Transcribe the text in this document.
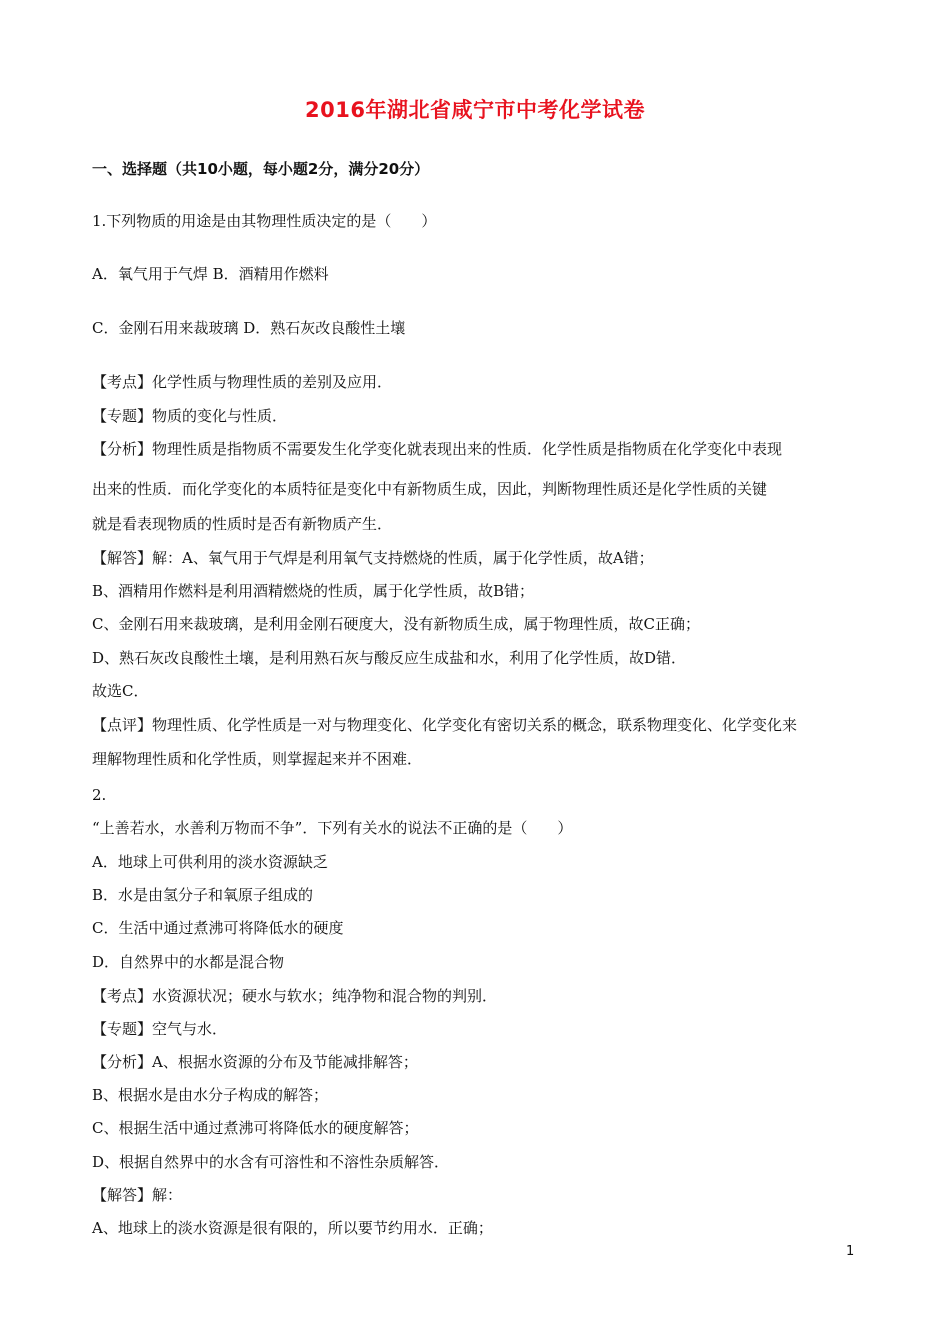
2016年湖北省咸宁市中考化学试卷
一、选择题（共10小题，每小题2分，满分20分）
1.下列物质的用途是由其物理性质决定的是（　　）
A．氧气用于气焊 B．酒精用作燃料
C．金刚石用来裁玻璃 D．熟石灰改良酸性土壤
【考点】化学性质与物理性质的差别及应用．
【专题】物质的变化与性质．
【分析】物理性质是指物质不需要发生化学变化就表现出来的性质．化学性质是指物质在化学变化中表现
出来的性质．而化学变化的本质特征是变化中有新物质生成，因此，判断物理性质还是化学性质的关键
就是看表现物质的性质时是否有新物质产生．
【解答】解：A、氧气用于气焊是利用氧气支持燃烧的性质，属于化学性质，故A错；
B、酒精用作燃料是利用酒精燃烧的性质，属于化学性质，故B错；
C、金刚石用来裁玻璃，是利用金刚石硬度大，没有新物质生成，属于物理性质，故C正确；
D、熟石灰改良酸性土壤，是利用熟石灰与酸反应生成盐和水，利用了化学性质，故D错．
故选C．
【点评】物理性质、化学性质是一对与物理变化、化学变化有密切关系的概念，联系物理变化、化学变化来
理解物理性质和化学性质，则掌握起来并不困难．
2.
“上善若水，水善利万物而不争”．下列有关水的说法不正确的是（　　）
A．地球上可供利用的淡水资源缺乏
B．水是由氢分子和氧原子组成的
C．生活中通过煮沸可将降低水的硬度
D．自然界中的水都是混合物
【考点】水资源状况；硬水与软水；纯净物和混合物的判别．
【专题】空气与水．
【分析】A、根据水资源的分布及节能减排解答；
B、根据水是由水分子构成的解答；
C、根据生活中通过煮沸可将降低水的硬度解答；
D、根据自然界中的水含有可溶性和不溶性杂质解答．
【解答】解：
A、地球上的淡水资源是很有限的，所以要节约用水．正确；
1
